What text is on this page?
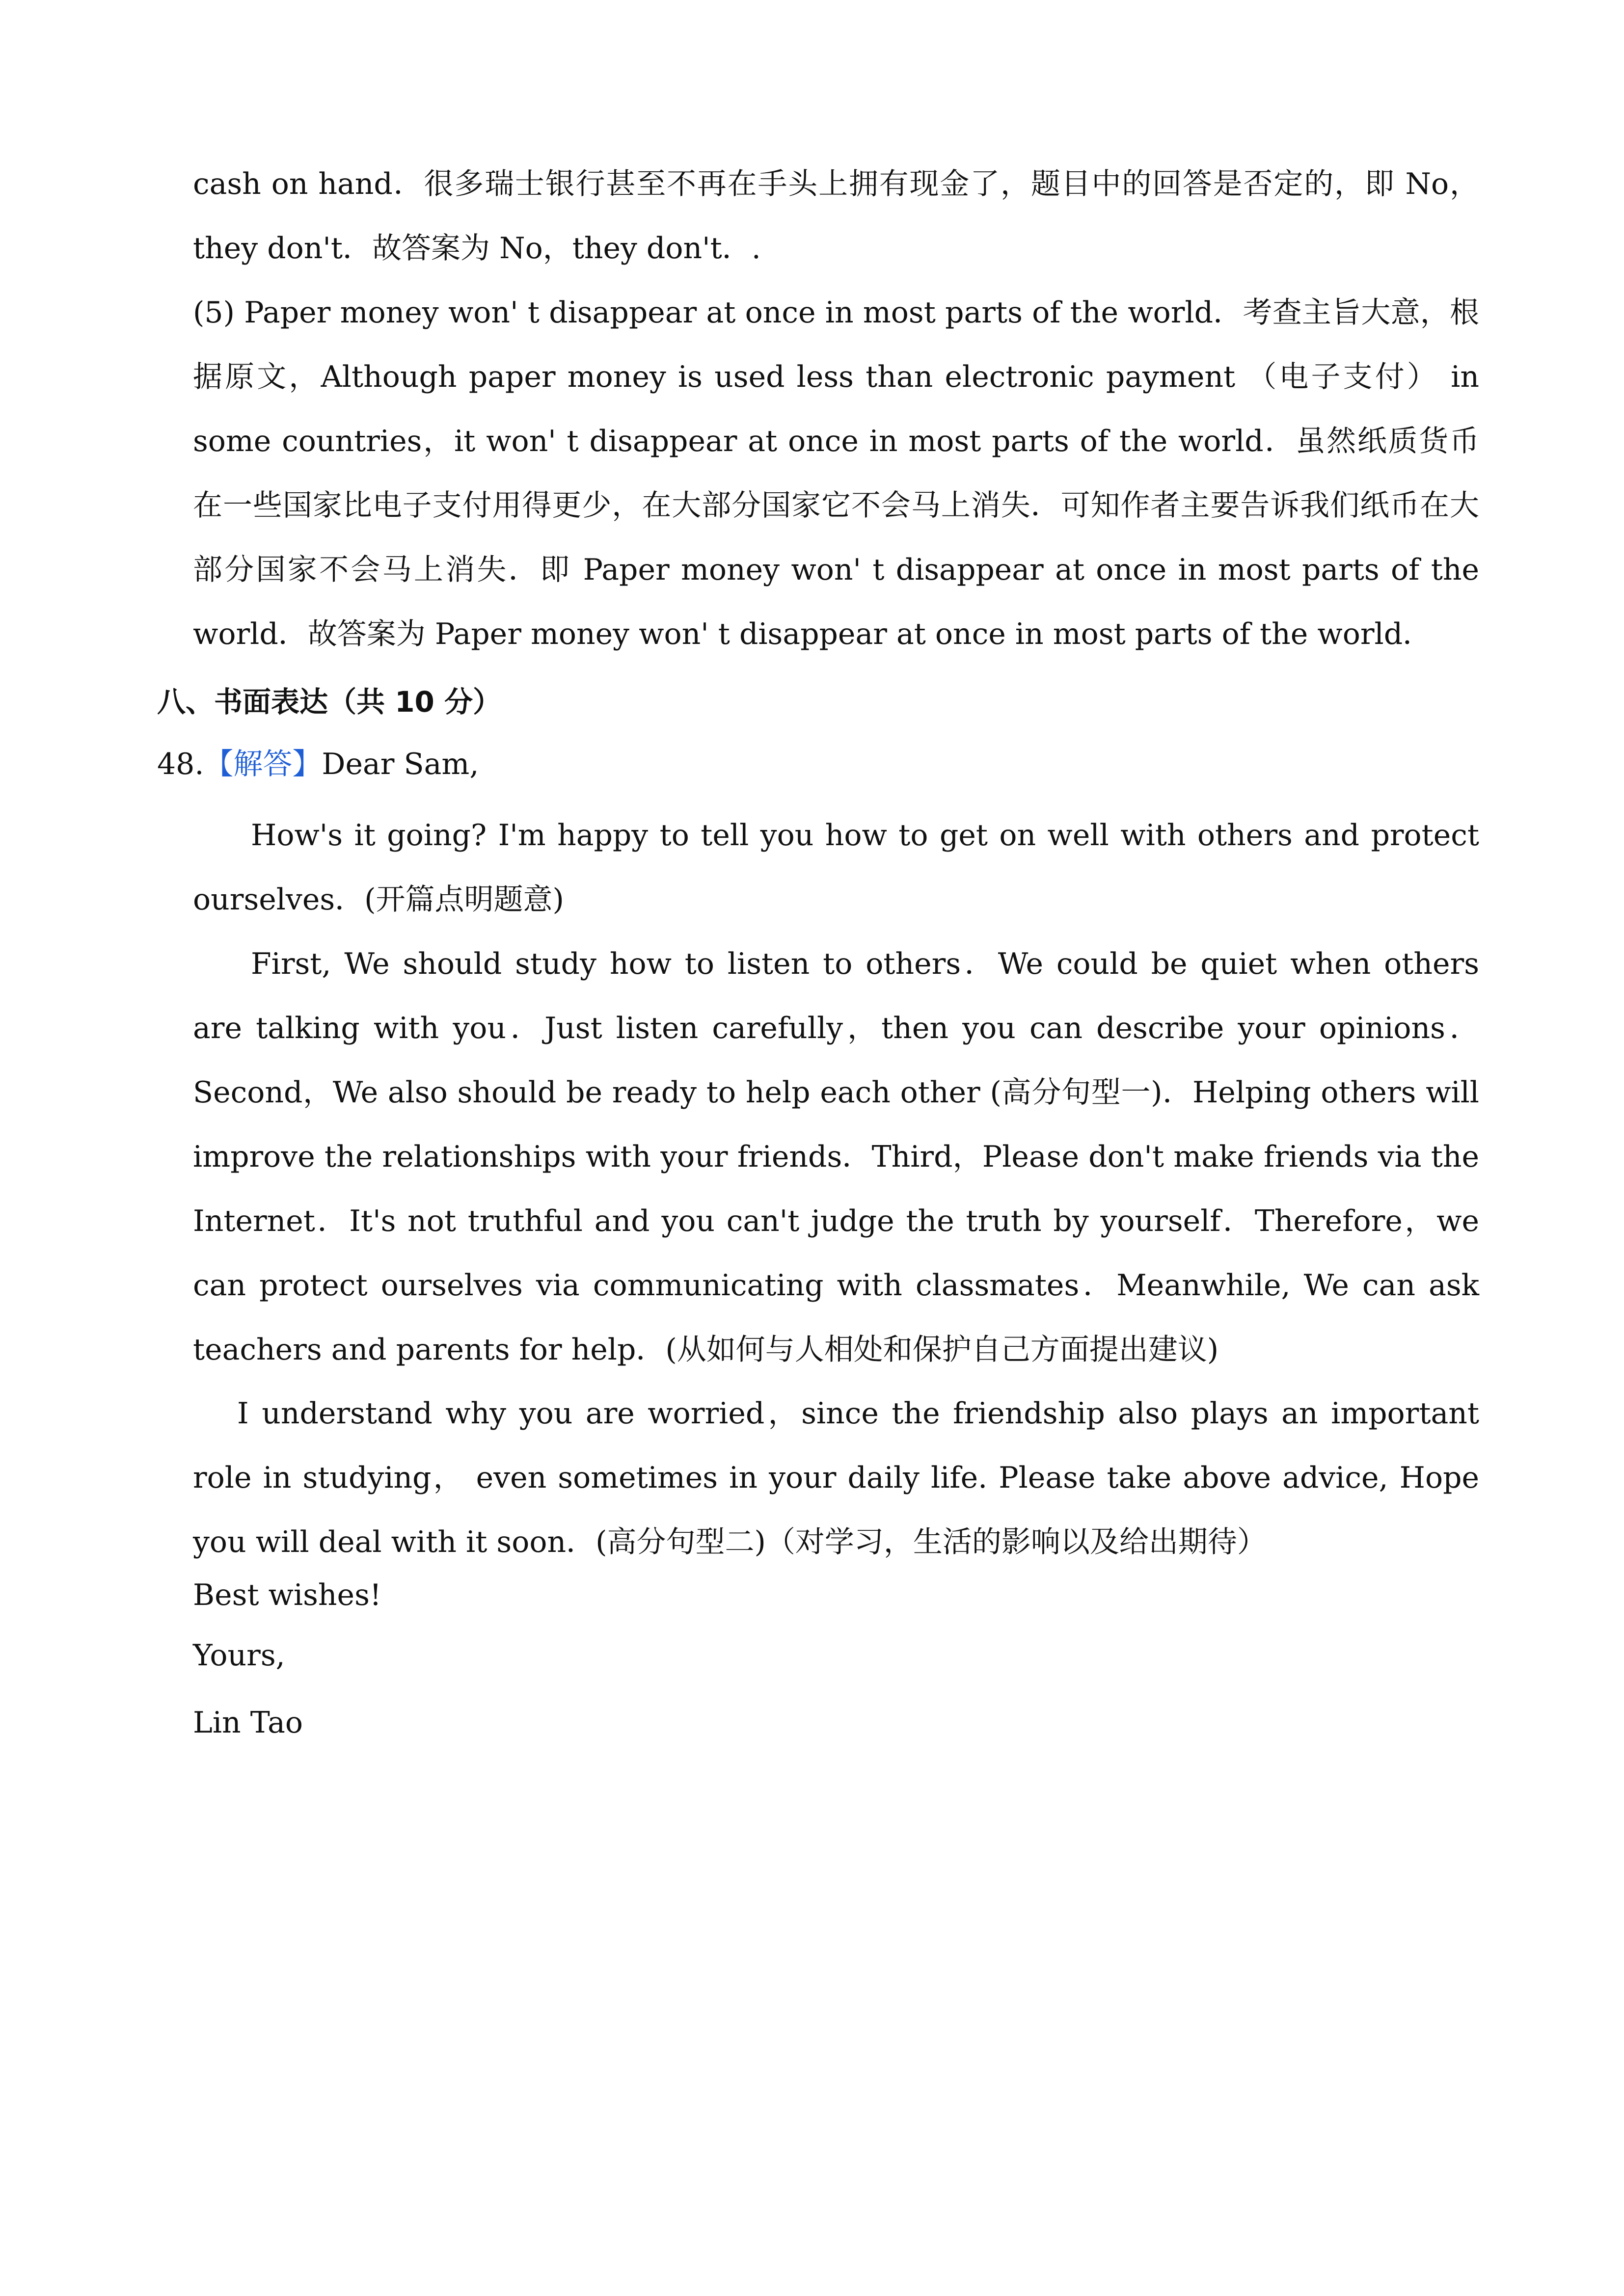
cash on hand．很多瑞士银行甚至不再在手头上拥有现金了，题目中的回答是否定的，即 No，they don't．故答案为 No，they don't．.
(5) Paper money won' t disappear at once in most parts of the world．考查主旨大意，根据原文，Although paper money is used less than electronic payment （电子支付） in some countries，it won' t disappear at once in most parts of the world．虽然纸质货币在一些国家比电子支付用得更少，在大部分国家它不会马上消失．可知作者主要告诉我们纸币在大部分国家不会马上消失．即 Paper money won' t disappear at once in most parts of the world．故答案为 Paper money won' t disappear at once in most parts of the world．
八、书面表达（共 10 分）
48.【解答】Dear Sam,
How's it going? I'm happy to tell you how to get on well with others and protect ourselves．(开篇点明题意)
First, We should study how to listen to others．We could be quiet when others are talking with you．Just listen carefully，then you can describe your opinions．Second，We also should be ready to help each other (高分句型一)．Helping others will improve the relationships with your friends．Third，Please don't make friends via the Internet．It's not truthful and you can't judge the truth by yourself．Therefore，we can protect ourselves via communicating with classmates．Meanwhile, We can ask teachers and parents for help．(从如何与人相处和保护自己方面提出建议)
I understand why you are worried，since the friendship also plays an important role in studying， even sometimes in your daily life. Please take above advice, Hope you will deal with it soon．(高分句型二)（对学习，生活的影响以及给出期待）
Best wishes!
Yours,
Lin Tao
